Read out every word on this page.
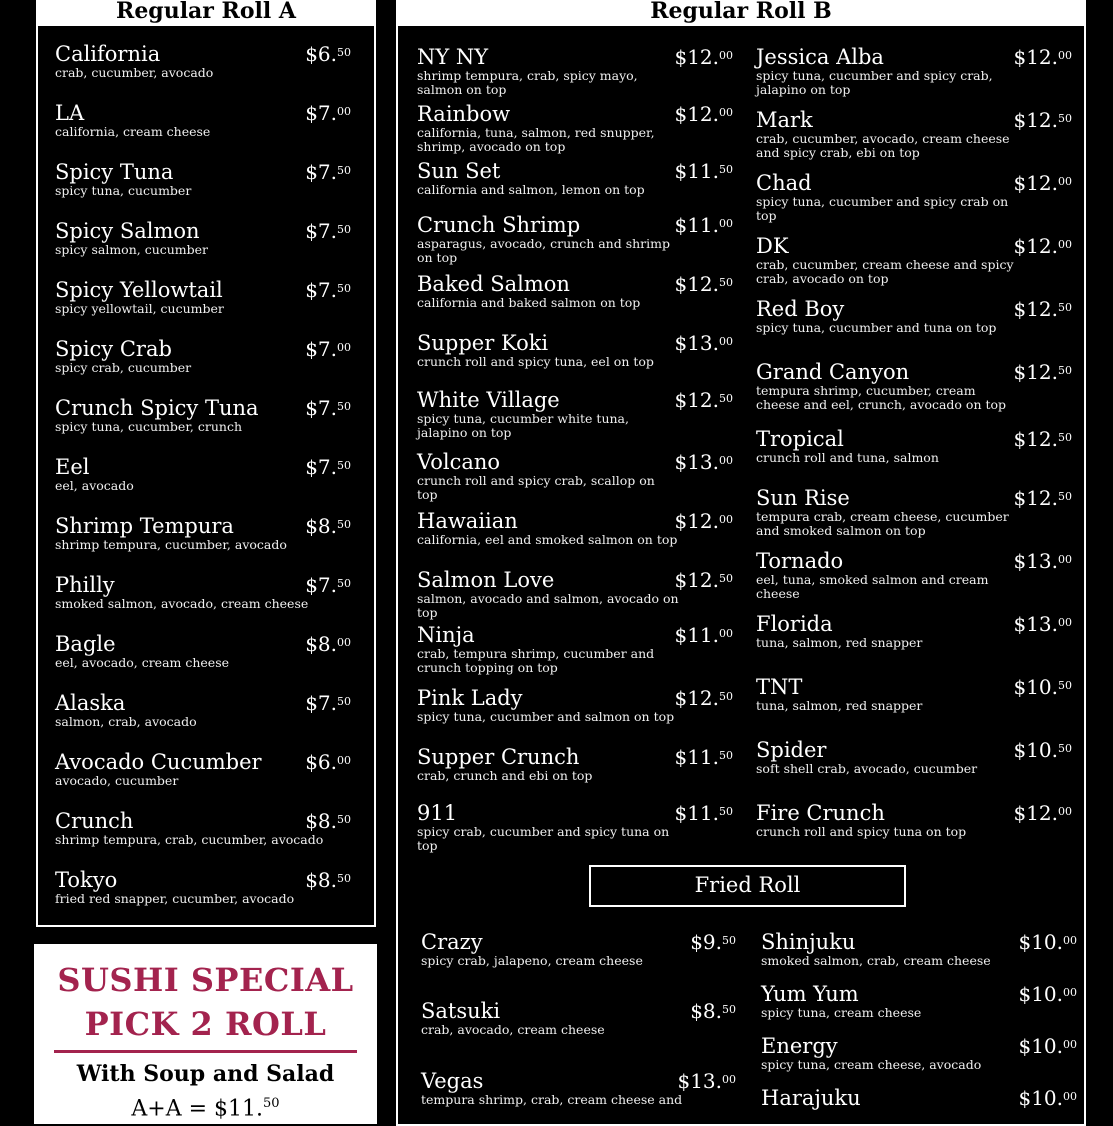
Regular Roll A
California	$6.50
crab, cucumber, avocado
LA	$7.00
california, cream cheese
Spicy Tuna	$7.50
spicy tuna, cucumber
Spicy Salmon	$7.50
spicy salmon, cucumber
Spicy Yellowtail	$7.50
spicy yellowtail, cucumber
Spicy Crab	$7.00
spicy crab, cucumber
Crunch Spicy Tuna	$7.50
spicy tuna, cucumber, crunch
Eel	$7.50
eel, avocado
Shrimp Tempura	$8.50
shrimp tempura, cucumber, avocado
Philly	$7.50
smoked salmon, avocado, cream cheese
Bagle	$8.00
eel, avocado, cream cheese
Alaska	$7.50
salmon, crab, avocado
Avocado Cucumber	$6.00
avocado, cucumber
Crunch	$8.50
shrimp tempura, crab, cucumber, avocado
Tokyo	$8.50
fried red snapper, cucumber, avocado
Regular Roll B
NY NY	$12.00
shrimp tempura, crab, spicy mayo, salmon on top
Rainbow	$12.00
california, tuna, salmon, red snupper, shrimp, avocado on top
Sun Set	$11.50
california and salmon, lemon on top
Crunch Shrimp	$11.00
asparagus, avocado, crunch and shrimp on top
Baked Salmon	$12.50
california and baked salmon on top
Supper Koki	$13.00
crunch roll and spicy tuna, eel on top
White Village	$12.50
spicy tuna, cucumber white tuna, jalapino on top
Volcano	$13.00
crunch roll and spicy crab, scallop on top
Hawaiian	$12.00
california, eel and smoked salmon on top
Salmon Love	$12.50
salmon, avocado and salmon, avocado on top
Ninja	$11.00
crab, tempura shrimp, cucumber and crunch topping on top
Pink Lady	$12.50
spicy tuna, cucumber and salmon on top
Supper Crunch	$11.50
crab, crunch and ebi on top
911	$11.50
spicy crab, cucumber and spicy tuna on top
Jessica Alba	$12.00
spicy tuna, cucumber and spicy crab, jalapino on top
Mark	$12.50
crab, cucumber, avocado, cream cheese and spicy crab, ebi on top
Chad	$12.00
spicy tuna, cucumber and spicy crab on top
DK	$12.00
crab, cucumber, cream cheese and spicy crab, avocado on top
Red Boy	$12.50
spicy tuna, cucumber and tuna on top
Grand Canyon	$12.50
tempura shrimp, cucumber, cream cheese and eel, crunch, avocado on top
Tropical	$12.50
crunch roll and tuna, salmon
Sun Rise	$12.50
tempura crab, cream cheese, cucumber and smoked salmon on top
Tornado	$13.00
eel, tuna, smoked salmon and cream cheese
Florida	$13.00
tuna, salmon, red snapper
TNT	$10.50
tuna, salmon, red snapper
Spider	$10.50
soft shell crab, avocado, cucumber
Fire Crunch	$12.00
crunch roll and spicy tuna on top
Fried Roll
Crazy	$9.50
spicy crab, jalapeno, cream cheese
Satsuki	$8.50
crab, avocado, cream cheese
Vegas	$13.00
tempura shrimp, crab, cream cheese and
Shinjuku	$10.00
smoked salmon, crab, cream cheese
Yum Yum	$10.00
spicy tuna, cream cheese
Energy	$10.00
spicy tuna, cream cheese, avocado
Harajuku	$10.00
SUSHI SPECIAL
PICK 2 ROLL
With Soup and Salad
A+A = $11.50
